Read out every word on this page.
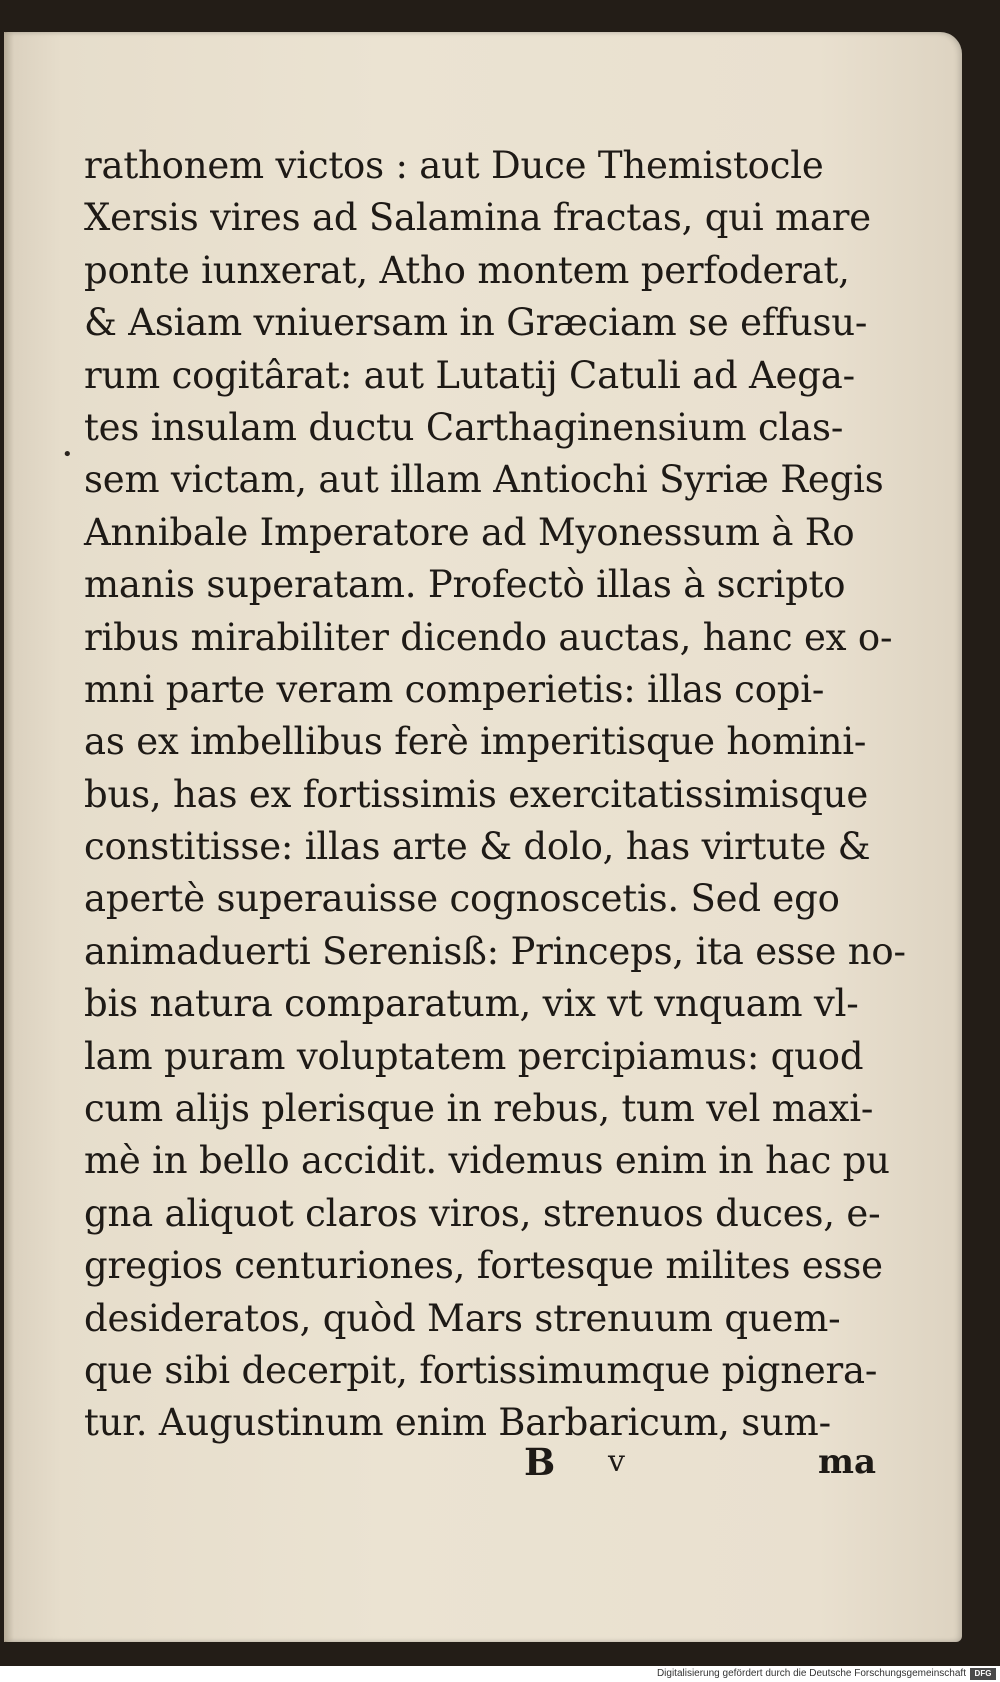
•
rathonem victos : aut Duce Themistocle
Xersis vires ad Salamina fractas, qui mare
ponte iunxerat, Atho montem perfoderat,
& Asiam vniuersam in Græciam se effusu-
rum cogitârat: aut Lutatij Catuli ad Aega-
tes insulam ductu Carthaginensium clas-
sem victam, aut illam Antiochi Syriæ Regis
Annibale Imperatore ad Myonessum à Ro
manis superatam. Profectò illas à scripto
ribus mirabiliter dicendo auctas, hanc ex o-
mni parte veram comperietis: illas copi-
as ex imbellibus ferè imperitisque homini-
bus, has ex fortissimis exercitatissimisque
constitisse: illas arte & dolo, has virtute &
apertè superauisse cognoscetis. Sed ego
animaduerti Serenisß: Princeps, ita esse no-
bis natura comparatum, vix vt vnquam vl-
lam puram voluptatem percipiamus: quod
cum alijs plerisque in rebus, tum vel maxi-
mè in bello accidit. videmus enim in hac pu
gna aliquot claros viros, strenuos duces, e-
gregios centuriones, fortesque milites esse
desideratos, quòd Mars strenuum quem-
que sibi decerpit, fortissimumque pignera-
tur. Augustinum enim Barbaricum, sum-
B v	ma
Digitalisierung gefördert durch die Deutsche Forschungsgemeinschaft	DFG
